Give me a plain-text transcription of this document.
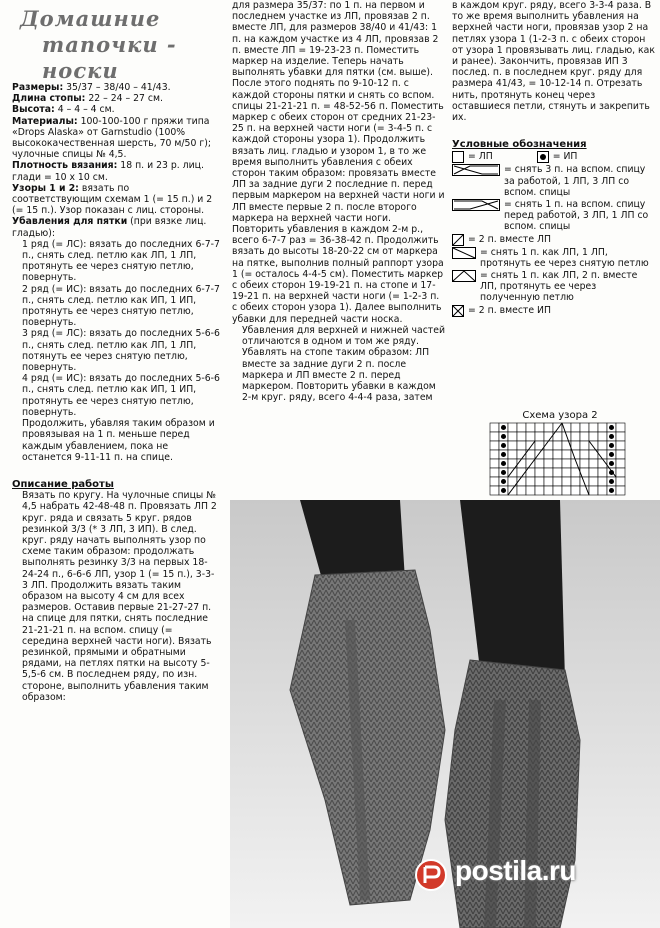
Домашние
тапочки - носки

Размеры: 35/37 – 38/40 – 41/43.

Длина стопы: 22 – 24 – 27 см.

Высота: 4 – 4 – 4 см.

Материалы: 100-100-100 г пряжи типа «Drops Alaska» от Garnstudio (100% высококачественная шерсть, 70 м/50 г); чулочные спицы № 4,5.

Плотность вязания: 18 п. и 23 р. лиц. глади = 10 х 10 см.

Узоры 1 и 2: вязать по соответствующим схемам 1 (= 15 п.) и 2 (= 15 п.). Узор показан с лиц. стороны.

Убавления для пятки (при вязке лиц. гладью):

1 ряд (= ЛС): вязать до последних 6-7-7 п., снять след. петлю как ЛП, 1 ЛП, протянуть ее через снятую петлю, повернуть.

2 ряд (= ИС): вязать до последних 6-7-7 п., снять след. петлю как ИП, 1 ИП, протянуть ее через снятую петлю, повернуть.

3 ряд (= ЛС): вязать до последних 5-6-6 п., снять след. петлю как ЛП, 1 ЛП, потянуть ее через снятую петлю, повернуть.

4 ряд (= ИС): вязать до последних 5-6-6 п., снять след. петлю как ИП, 1 ИП, протянуть ее через снятую петлю, повернуть.

Продолжить, убавляя таким образом и провязывая на 1 п. меньше перед каждым убавлением, пока не останется 9-11-11 п. на спице.

Описание работы

Вязать по кругу. На чулочные спицы № 4,5 набрать 42-48-48 п. Провязать ЛП 2 круг. ряда и связать 5 круг. рядов резинкой 3/3 (* 3 ЛП, 3 ИП). В след. круг. ряду начать выполнять узор по схеме таким образом: продолжать выполнять резинку 3/3 на первых 18-24-24 п., 6-6-6 ЛП, узор 1 (= 15 п.), 3-3-3 ЛП. Продолжить вязать таким образом на высоту 4 см для всех размеров. Оставив первые 21-27-27 п. на спице для пятки, снять последние 21-21-21 п. на вспом. спицу (= середина верхней части ноги). Вязать резинкой, прямыми и обратными рядами, на петлях пятки на высоту 5-5,5-6 см. В последнем ряду, по изн. стороне, выполнить убавления таким образом:

для размера 35/37: по 1 п. на первом и последнем участке из ЛП, провязав 2 п. вместе ЛП, для размеров 38/40 и 41/43: 1 п. на каждом участке из 4 ЛП, провязав 2 п. вместе ЛП = 19-23-23 п. Поместить маркер на изделие. Теперь начать выполнять убавки для пятки (см. выше). После этого поднять по 9-10-12 п. с каждой стороны пятки и снять со вспом. спицы 21-21-21 п. = 48-52-56 п. Поместить маркер с обеих сторон от средних 21-23-25 п. на верхней части ноги (= 3-4-5 п. с каждой стороны узора 1). Продолжить вязать лиц. гладью и узором 1, в то же время выполнить убавления с обеих сторон таким образом: провязать вместе ЛП за задние дуги 2 последние п. перед первым маркером на верхней части ноги и ЛП вместе первые 2 п. после второго маркера на верхней части ноги. Повторить убавления в каждом 2-м р., всего 6-7-7 раз = 36-38-42 п. Продолжить вязать до высоты 18-20-22 см от маркера на пятке, выполнив полный раппорт узора 1 (= осталось 4-4-5 см). Поместить маркер с обеих сторон 19-19-21 п. на стопе и 17-19-21 п. на верхней части ноги (= 1-2-3 п. с обеих сторон узора 1). Далее выполнить убавки для передней части носка.

Убавления для верхней и нижней частей отличаются в одном и том же ряду.

Убавлять на стопе таким образом: ЛП вместе за задние дуги 2 п. после маркера и ЛП вместе 2 п. перед маркером. Повторить убавки в каждом 2-м круг. ряду, всего 4-4-4 раза, затем

в каждом круг. ряду, всего 3-3-4 раза. В то же время выполнить убавления на верхней части ноги, провязав узор 2 на петлях узора 1 (1-2-3 п. с обеих сторон от узора 1 провязывать лиц. гладью, как и ранее). Закончить, провязав ИП 3 послед. п. в последнем круг. ряду для размера 41/43, = 10-12-14 п. Отрезать нить, протянуть конец через оставшиеся петли, стянуть и закрепить их.

Условные обозначения

= ЛП	= ИП
= снять 3 п. на вспом. спицу за работой, 1 ЛП, 3 ЛП со вспом. спицы
= снять 1 п. на вспом. спицу перед работой, 3 ЛП, 1 ЛП со вспом. спицы
= 2 п. вместе ЛП
= снять 1 п. как ЛП, 1 ЛП, протянуть ее через снятую петлю
= снять 1 п. как ЛП, 2 п. вместе ЛП, протянуть ее через полученную петлю
= 2 п. вместе ИП
Схема узора 2
postila.ru
